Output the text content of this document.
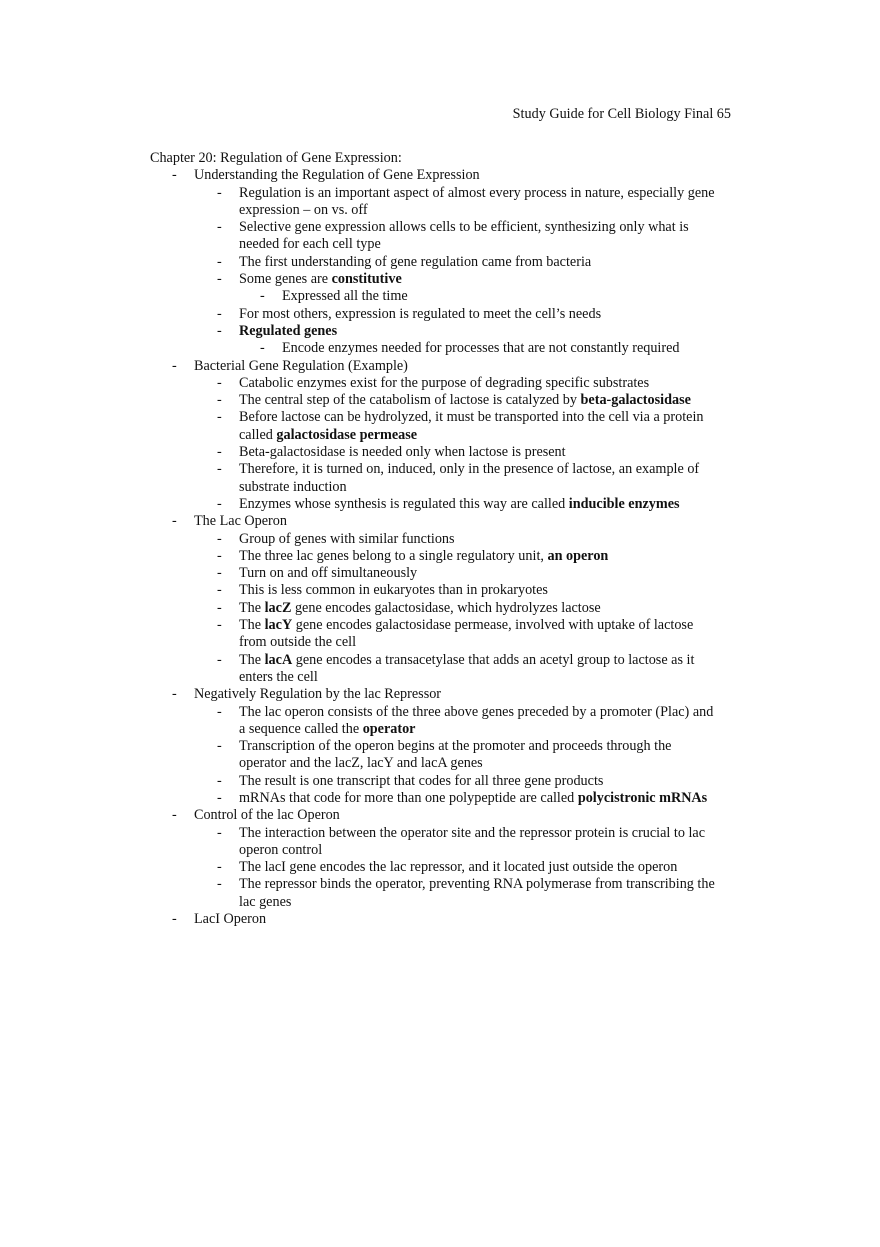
Study Guide for Cell Biology Final 65
Chapter 20: Regulation of Gene Expression:
- Understanding the Regulation of Gene Expression
- Regulation is an important aspect of almost every process in nature, especially gene expression – on vs. off
- Selective gene expression allows cells to be efficient, synthesizing only what is needed for each cell type
- The first understanding of gene regulation came from bacteria
- Some genes are constitutive
- Expressed all the time
- For most others, expression is regulated to meet the cell’s needs
- Regulated genes
- Encode enzymes needed for processes that are not constantly required
- Bacterial Gene Regulation (Example)
- Catabolic enzymes exist for the purpose of degrading specific substrates
- The central step of the catabolism of lactose is catalyzed by beta-galactosidase
- Before lactose can be hydrolyzed, it must be transported into the cell via a protein called galactosidase permease
- Beta-galactosidase is needed only when lactose is present
- Therefore, it is turned on, induced, only in the presence of lactose, an example of substrate induction
- Enzymes whose synthesis is regulated this way are called inducible enzymes
- The Lac Operon
- Group of genes with similar functions
- The three lac genes belong to a single regulatory unit, an operon
- Turn on and off simultaneously
- This is less common in eukaryotes than in prokaryotes
- The lacZ gene encodes galactosidase, which hydrolyzes lactose
- The lacY gene encodes galactosidase permease, involved with uptake of lactose from outside the cell
- The lacA gene encodes a transacetylase that adds an acetyl group to lactose as it enters the cell
- Negatively Regulation by the lac Repressor
- The lac operon consists of the three above genes preceded by a promoter (Plac) and a sequence called the operator
- Transcription of the operon begins at the promoter and proceeds through the operator and the lacZ, lacY and lacA genes
- The result is one transcript that codes for all three gene products
- mRNAs that code for more than one polypeptide are called polycistronic mRNAs
- Control of the lac Operon
- The interaction between the operator site and the repressor protein is crucial to lac operon control
- The lacI gene encodes the lac repressor, and it located just outside the operon
- The repressor binds the operator, preventing RNA polymerase from transcribing the lac genes
- LacI Operon
